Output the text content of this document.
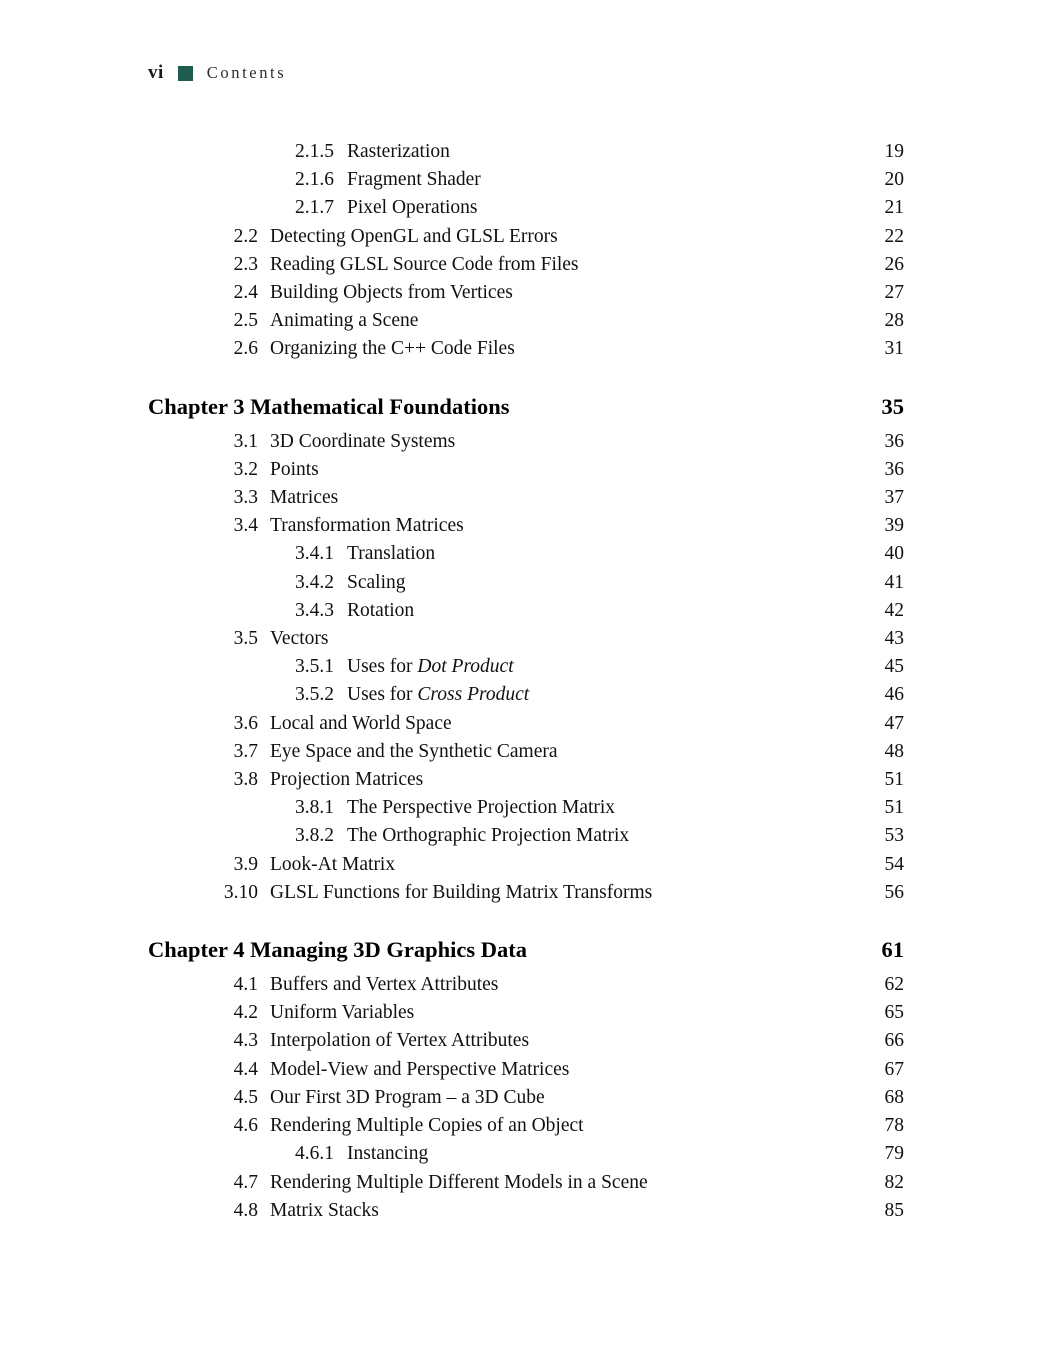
vi	Contents
2.1.5 Rasterization	19
2.1.6 Fragment Shader	20
2.1.7 Pixel Operations	21
2.2 Detecting OpenGL and GLSL Errors	22
2.3 Reading GLSL Source Code from Files	26
2.4 Building Objects from Vertices	27
2.5 Animating a Scene	28
2.6 Organizing the C++ Code Files	31
Chapter 3 Mathematical Foundations	35
3.1 3D Coordinate Systems	36
3.2 Points	36
3.3 Matrices	37
3.4 Transformation Matrices	39
3.4.1 Translation	40
3.4.2 Scaling	41
3.4.3 Rotation	42
3.5 Vectors	43
3.5.1 Uses for Dot Product	45
3.5.2 Uses for Cross Product	46
3.6 Local and World Space	47
3.7 Eye Space and the Synthetic Camera	48
3.8 Projection Matrices	51
3.8.1 The Perspective Projection Matrix	51
3.8.2 The Orthographic Projection Matrix	53
3.9 Look-At Matrix	54
3.10 GLSL Functions for Building Matrix Transforms	56
Chapter 4 Managing 3D Graphics Data	61
4.1 Buffers and Vertex Attributes	62
4.2 Uniform Variables	65
4.3 Interpolation of Vertex Attributes	66
4.4 Model-View and Perspective Matrices	67
4.5 Our First 3D Program – a 3D Cube	68
4.6 Rendering Multiple Copies of an Object	78
4.6.1 Instancing	79
4.7 Rendering Multiple Different Models in a Scene	82
4.8 Matrix Stacks	85
